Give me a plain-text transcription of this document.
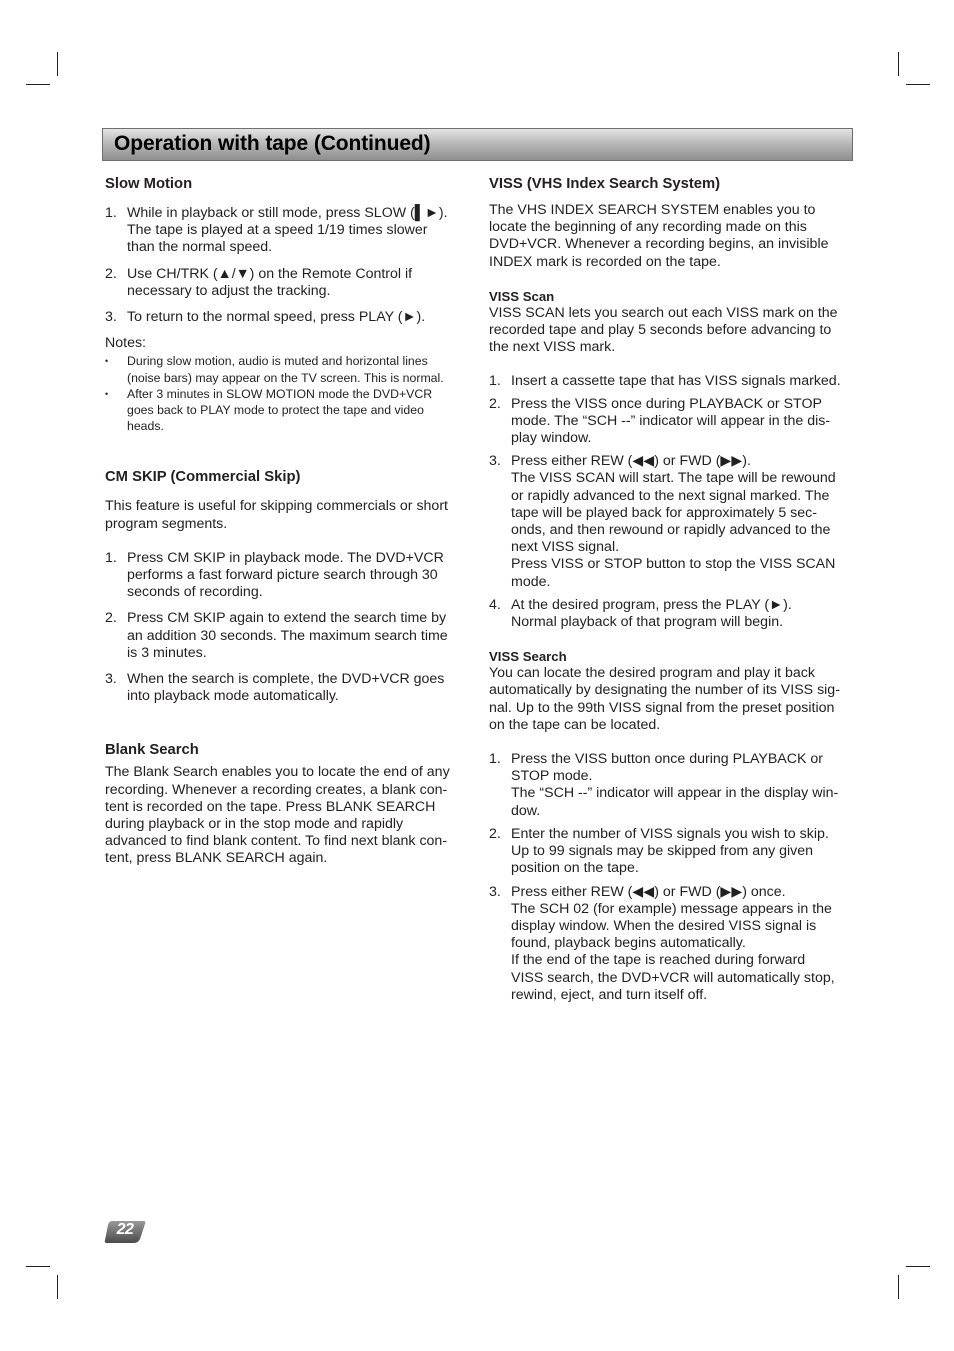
Operation with tape (Continued)
Slow Motion
1. While in playback or still mode, press SLOW (▌►).

The tape is played at a speed 1/19 times slower

than the normal speed.

2. Use CH/TRK (▲/▼) on the Remote Control if

necessary to adjust the tracking.

3. To return to the normal speed, press PLAY (►).

Notes:

• During slow motion, audio is muted and horizontal lines

(noise bars) may appear on the TV screen. This is normal.

• After 3 minutes in SLOW MOTION mode the DVD+VCR

goes back to PLAY mode to protect the tape and video

heads.

CM SKIP (Commercial Skip)

This feature is useful for skipping commercials or short

program segments.

1. Press CM SKIP in playback mode. The DVD+VCR

performs a fast forward picture search through 30

seconds of recording.

2. Press CM SKIP again to extend the search time by

an addition 30 seconds. The maximum search time

is 3 minutes.

3. When the search is complete, the DVD+VCR goes

into playback mode automatically.

Blank Search

The Blank Search enables you to locate the end of any

recording. Whenever a recording creates, a blank con-

tent is recorded on the tape. Press BLANK SEARCH

during playback or in the stop mode and rapidly

advanced to find blank content. To find next blank con-

tent, press BLANK SEARCH again.

VISS (VHS Index Search System)

The VHS INDEX SEARCH SYSTEM enables you to

locate the beginning of any recording made on this

DVD+VCR. Whenever a recording begins, an invisible

INDEX mark is recorded on the tape.

VISS Scan

VISS SCAN lets you search out each VISS mark on the

recorded tape and play 5 seconds before advancing to

the next VISS mark.

1. Insert a cassette tape that has VISS signals marked.

2. Press the VISS once during PLAYBACK or STOP

mode. The “SCH --” indicator will appear in the dis-

play window.

3. Press either REW (◀◀) or FWD (▶▶).

The VISS SCAN will start. The tape will be rewound

or rapidly advanced to the next signal marked. The

tape will be played back for approximately 5 sec-

onds, and then rewound or rapidly advanced to the

next VISS signal.

Press VISS or STOP button to stop the VISS SCAN

mode.

4. At the desired program, press the PLAY (►).

Normal playback of that program will begin.

VISS Search

You can locate the desired program and play it back

automatically by designating the number of its VISS sig-

nal. Up to the 99th VISS signal from the preset position

on the tape can be located.

1. Press the VISS button once during PLAYBACK or

STOP mode.

The “SCH --” indicator will appear in the display win-

dow.

2. Enter the number of VISS signals you wish to skip.

Up to 99 signals may be skipped from any given

position on the tape.

3. Press either REW (◀◀) or FWD (▶▶) once.

The SCH 02 (for example) message appears in the

display window. When the desired VISS signal is

found, playback begins automatically.

If the end of the tape is reached during forward

VISS search, the DVD+VCR will automatically stop,

rewind, eject, and turn itself off.

22
